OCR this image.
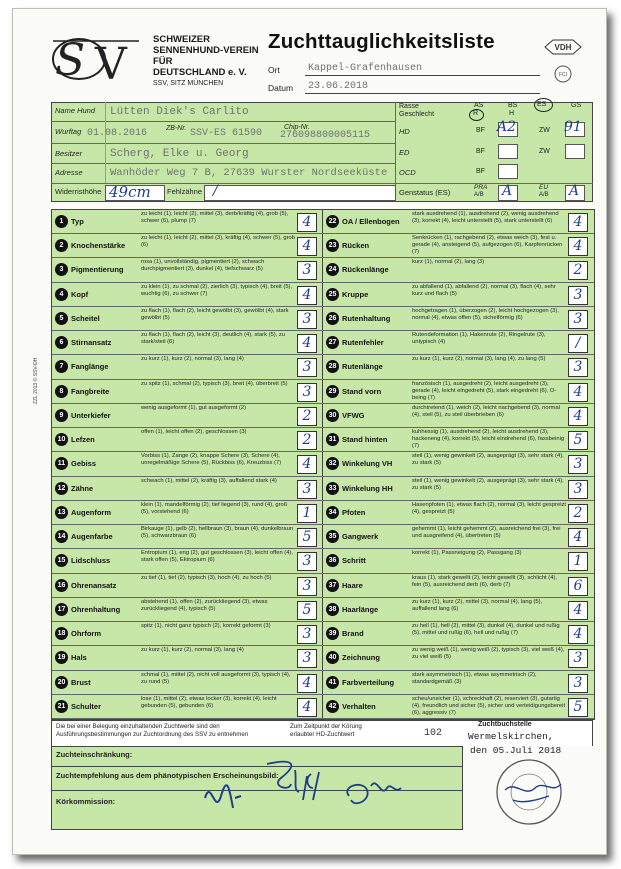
S V	SCHWEIZER
SENNENHUND-VEREIN
FÜR
DEUTSCHLAND e. V.
SSV, SITZ MÜNCHEN
Zuchttauglichkeitsliste	VDH
FCI
Ort	Kappel-Grafenhausen
Datum 23.06.2018
Name Hund Lütten Diek's Carlito
Wurftag 01.08.2016	ZB-Nr. SSV-ES 61590
Chip-Nr.
276098800005115
Besitzer	Scherg, Elke u. Georg
Adresse	Wanhöder Weg 7 B, 27639 Wurster Nordseeküste
Widerristhöhe 49cm Fehlzähne /
Rasse
Geschlecht
AS	BS	ES	GS
R	H
HD	BF A2	ZW 91
ED	BF	ZW
OCD	BF
Genstatus (ES)
PRA
A/B A	EU
A/B A
1	Typ
zu leicht (1), leicht (2), mittel (3), derb/kräftig (4), grob (5), schwer (6), plump (7)	4
2	Knochenstärke
zu leicht (1), leicht (2), mittel (3), kräftig (4), schwer (5), grob (6)	4
3	Pigmentierung
rosa (1), unvollständig, pigmentiert (2), schwach durchpigmentiert (3), dunkel (4), tiefschwarz (5)	3
4	Kopf
zu klein (1), zu schmal (2), zierlich (3), typisch (4), breit (5), wuchtig (6), zu schwer (7)	4
5	Scheitel
zu flach (1), flach (2), leicht gewölbt (3), gewölbt (4), stark gewölbt (5)	3
6	Stirnansatz
zu flach (1), flach (2), leicht (3), deutlich (4), stark (5), zu stark/steil (6)	4
7	Fanglänge
zu kurz (1), kurz (2), normal (3), lang (4)	3
8	Fangbreite
zu spitz (1), schmal (2), typisch (3), breit (4), überbreit (5)	3
9	Unterkiefer
wenig ausgeformt (1), gut ausgeformt (2)	2
10 Lefzen
offen (1), leicht offen (2), geschlossen (3)	2
11 Gebiss
Vorbiss (1), Zange (2), knappe Schere (3), Schere (4), unregelmäßige Schere (5), Rückbiss (6), Kreuzbiss (7)	4
12 Zähne
schwach (1), mittel (2), kräftig (3), auffallend stark (4)	3
13 Augenform
klein (1), mandelförmig (2), tief liegend (3), rund (4), groß (5), vorstehend (6)	1
14 Augenfarbe
Birkauge (1), gelb (2), hellbraun (3), braun (4), dunkelbraun (5), schwarzbraun (6)	5
15 Lidschluss
Entropium (1), eng (2), gut geschlossen (3), leicht offen (4), stark offen (5), Ektropium (6)	3
16 Ohrenansatz
zu tief (1), tief (2), typisch (3), hoch (4), zu hoch (5)	3
17 Ohrenhaltung
abstehend (1), offen (2), zurückliegend (3), etwas zurückliegend (4), typisch (5)	5
18 Ohrform
spitz (1), nicht ganz typisch (2), korrekt geformt (3)	3
19 Hals
zu kurz (1), kurz (2), normal (3), lang (4)	3
20 Brust
schmal (1), mittel (2), nicht voll ausgeformt (3), typisch (4), zu rund (5)	4
21 Schulter
lose (1), mittel (2), etwas locker (3), korrekt (4), leicht gebunden (5), gebunden (6)	4
22 OA / Ellenbogen
stark ausdrehend (1), ausdrehend (2), wenig ausdrehend (3), korrekt (4), leicht unterstellt (5), stark unterstellt (6)	4
23 Rücken
Senkrücken (1), rachgebend (2), etwas weich (3), fest u. gerade (4), ansteigend (5), aufgezogen (6), Karpfenrücken (7)	4
24 Rückenlänge
kurz (1), normal (2), lang (3)	2
25 Kruppe
zu abfallend (1), abfallend (2), normal (3), flach (4), sehr kurz und flach (5)	3
26 Rutenhaltung
hochgetragen (1), überzogen (2), leicht hochgezogen (3), normal (4), etwas offen (5), sichelförmig (6)	3
27 Rutenfehler
Rutendeformation (1), Hakenrute (2), Ringelrute (3), untypisch (4)	/
28 Rutenlänge
zu kurz (1), kurz (2), normal (3), lang (4), zu lang (5)	3
29 Stand vorn
französisch (1), ausgedreht (2), leicht ausgedreht (3), gerade (4), leicht eingedreht (5), stark eingedreht (6), O-being (7)	4
30 VFWG
durchtretend (1), weich (2), leicht nachgebend (3), normal (4), steil (5), zu steil überbrieben (6)	4
31 Stand hinten
kuhhessig (1), ausdrehend (2), leicht ausdrehend (3), hackeneng (4), korrekt (5), leicht eindrehend (6), fassbeinig (7)	5
32 Winkelung VH
steil (1), wenig gewinkelt (2), ausgeprägt (3), sehr stark (4), zu stark (5)	3
33 Winkelung HH
steil (1), wenig gewinkelt (2), ausgeprägt (3), sehr stark (4), zu stark (5)	3
34 Pfoten
Hasenpfoten (1), etwas flach (2), normal (3), leicht gespreizt (4), gespreizt (5)	2
35 Gangwerk
gehemmt (1), leicht gehemmt (2), ausreichend frei (3), frei und ausgreifend (4), übertreten (5)	4
36 Schritt
korrekt (1), Passneigung (2), Passgang (3)	1
37 Haare
kraus (1), stark gewellt (2), leicht gewellt (3), schlicht (4), fein (5), ausreichend derb (6), derb (7)	6
38 Haarlänge
zu kurz (1), kurz (2), mittel (3), normal (4), lang (5), auffallend lang (6)	4
39 Brand
zu hell (1), hell (2), mittel (3), dunkel (4), dunkel und rußig (5), mittel und rußig (6), hell und rußig (7)	4
40 Zeichnung
zu wenig weiß (1), wenig weiß (2), typisch (3), viel weiß (4), zu viel weiß (5)	3
41 Farbverteilung
stark asymmetrisch (1), etwas asymmetrisch (2), standardgemäß (3)	3
42 Verhalten
scheu/unsicher (1), schreckhaft (2), reserviert (3), gutartig (4), freundlich und sicher (5), sicher und verteidigungsbereit (6), aggressiv (7)	5
ZZL 2013 © SSV-DH
Die bei einer Belegung einzuhaltenden Zuchtwerte sind den Ausführungsbestimmungen zur Zuchtordnung des SSV zu entnehmen
Zum Zeitpunkt der Körung erlaubter HD-Zuchtwert	102
Zuchtbuchstelle
Wermelskirchen,
den 05.Juli 2018
Zuchteinschränkung:
Zuchtempfehlung aus dem phänotypischen Erscheinungsbild:
Körkommission:
